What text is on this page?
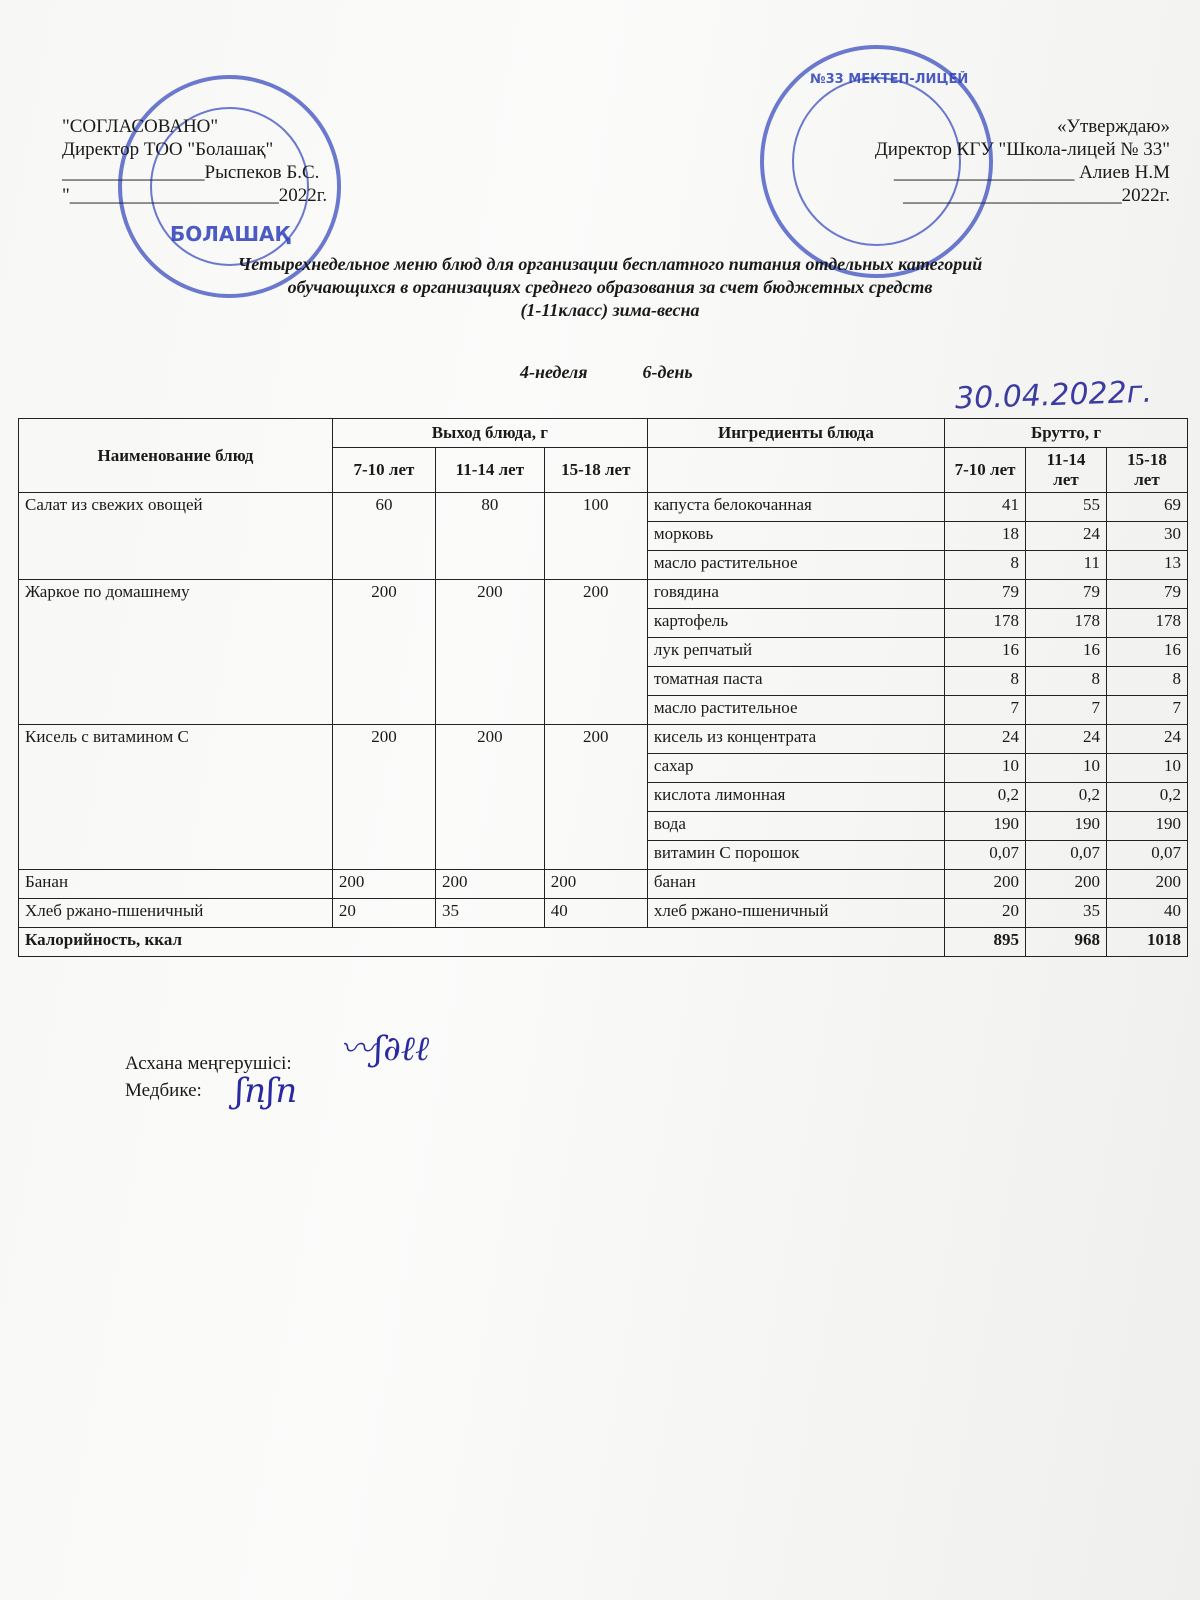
БОЛАШАҚ
№33 МЕКТЕП-ЛИЦЕЙ
"СОГЛАСОВАНО"
Директор ТОО "Болашақ"
_______________Рыспеков Б.С.
"______________________2022г.
«Утверждаю»
Директор КГУ "Школа-лицей № 33"
___________________ Алиев Н.М
_______________________2022г.
Четырехнедельное меню блюд для организации бесплатного питания отдельных категорий
обучающихся в организациях среднего образования за счет бюджетных средств
(1-11класс) зима-весна
4-неделя	6-день
30.04.2022г.
Наименование блюд	Выход блюда, г			Ингредиенты блюда	Брутто, г		
	7-10 лет	11-14 лет	15-18 лет		7-10 лет	11-14 лет	15-18 лет
Салат из свежих овощей	60	80	100	капуста белокочанная	41	55	69
				морковь	18	24	30
				масло растительное	8	11	13
Жаркое по домашнему	200	200	200	говядина	79	79	79
				картофель	178	178	178
				лук репчатый	16	16	16
				томатная паста	8	8	8
				масло растительное	7	7	7
Кисель с витамином С	200	200	200	кисель из концентрата	24	24	24
				сахар	10	10	10
				кислота лимонная	0,2	0,2	0,2
				вода	190	190	190
				витамин С порошок	0,07	0,07	0,07
Банан	200	200	200	банан	200	200	200
Хлеб ржано-пшеничный	20	35	40	хлеб ржано-пшеничный	20	35	40
Калорийность, ккал					895	968	1018
Асхана меңгерушісі:
Медбике:
〰ʃ∂ℓℓ
ʃпʃп
